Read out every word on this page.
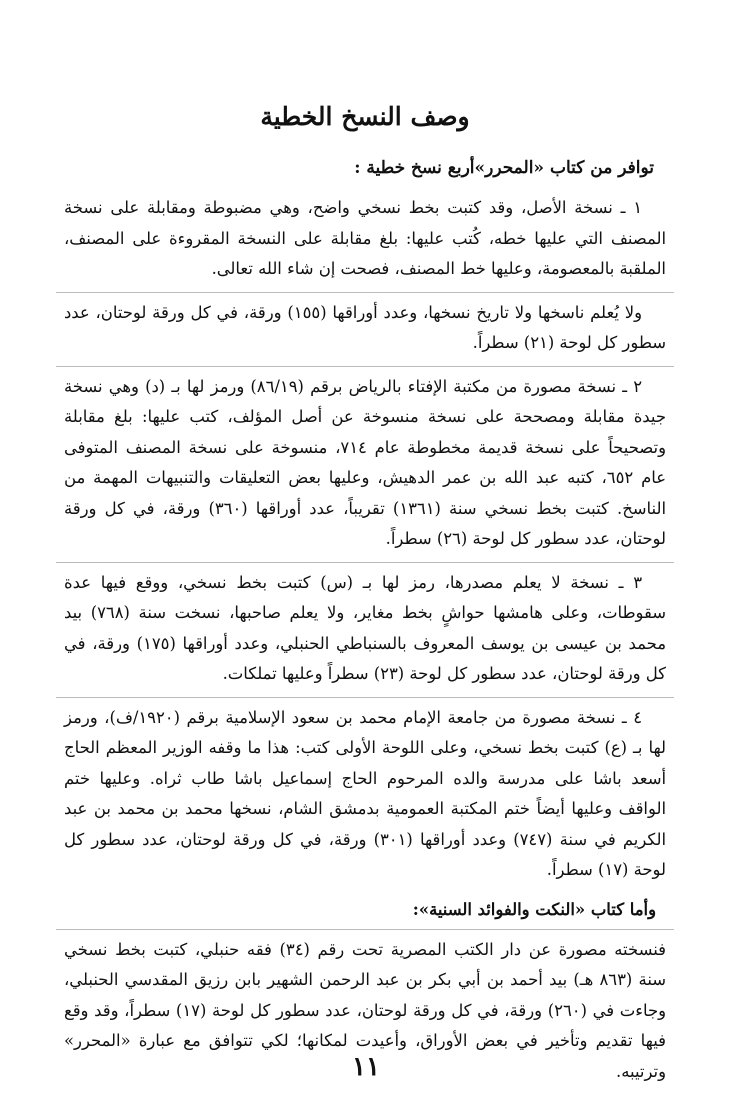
وصف النسخ الخطية

توافر من كتاب «المحرر»أربع نسخ خطية :

١ ـ نسخة الأصل، وقد كتبت بخط نسخي واضح، وهي مضبوطة ومقابلة على نسخة المصنف التي عليها خطه، كُتب عليها: بلغ مقابلة على النسخة المقروءة على المصنف، الملقبة بالمعصومة، وعليها خط المصنف، فصحت إن شاء الله تعالى.

ولا يُعلم ناسخها ولا تاريخ نسخها، وعدد أوراقها (١٥٥) ورقة، في كل ورقة لوحتان، عدد سطور كل لوحة (٢١) سطراً.

٢ ـ نسخة مصورة من مكتبة الإفتاء بالرياض برقم (٨٦/١٩) ورمز لها بـ (د) وهي نسخة جيدة مقابلة ومصححة على نسخة منسوخة عن أصل المؤلف، كتب عليها: بلغ مقابلة وتصحيحاً على نسخة قديمة مخطوطة عام ٧١٤، منسوخة على نسخة المصنف المتوفى عام ٦٥٢، كتبه عبد الله بن عمر الدهيش، وعليها بعض التعليقات والتنبيهات المهمة من الناسخ. كتبت بخط نسخي سنة (١٣٦١) تقريباً، عدد أوراقها (٣٦٠) ورقة، في كل ورقة لوحتان، عدد سطور كل لوحة (٢٦) سطراً.

٣ ـ نسخة لا يعلم مصدرها، رمز لها بـ (س) كتبت بخط نسخي، ووقع فيها عدة سقوطات، وعلى هامشها حواشٍ بخط مغاير، ولا يعلم صاحبها، نسخت سنة (٧٦٨) بيد محمد بن عيسى بن يوسف المعروف بالسنباطي الحنبلي، وعدد أوراقها (١٧٥) ورقة، في كل ورقة لوحتان، عدد سطور كل لوحة (٢٣) سطراً وعليها تملكات.

٤ ـ نسخة مصورة من جامعة الإمام محمد بن سعود الإسلامية برقم (١٩٢٠/ف)، ورمز لها بـ (ع) كتبت بخط نسخي، وعلى اللوحة الأولى كتب: هذا ما وقفه الوزير المعظم الحاج أسعد باشا على مدرسة والده المرحوم الحاج إسماعيل باشا طاب ثراه. وعليها ختم الواقف وعليها أيضاً ختم المكتبة العمومية بدمشق الشام، نسخها محمد بن محمد بن عبد الكريم في سنة (٧٤٧) وعدد أوراقها (٣٠١) ورقة، في كل ورقة لوحتان، عدد سطور كل لوحة (١٧) سطراً.

وأما كتاب «النكت والفوائد السنية»:

فنسخته مصورة عن دار الكتب المصرية تحت رقم (٣٤) فقه حنبلي، كتبت بخط نسخي سنة (٨٦٣ هـ) بيد أحمد بن أبي بكر بن عبد الرحمن الشهير بابن رزيق المقدسي الحنبلي، وجاءت في (٢٦٠) ورقة، في كل ورقة لوحتان، عدد سطور كل لوحة (١٧) سطراً، وقد وقع فيها تقديم وتأخير في بعض الأوراق، وأعيدت لمكانها؛ لكي تتوافق مع عبارة «المحرر» وترتيبه.

١١
